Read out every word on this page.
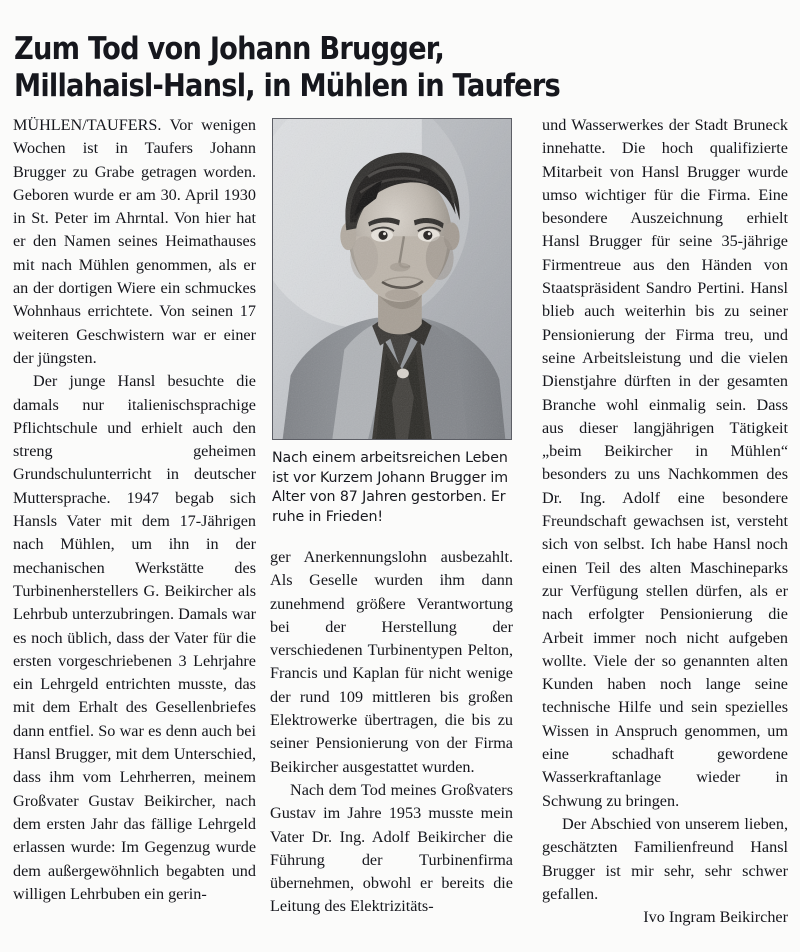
Zum Tod von Johann Brugger,
Millahaisl-Hansl, in Mühlen in Taufers
Nach einem arbeitsreichen Leben ist vor Kurzem Johann Brugger im Alter von 87 Jahren gestorben. Er ruhe in Frieden!

MÜHLEN/TAUFERS. Vor wenigen Wochen ist in Taufers Johann Brugger zu Grabe getragen worden. Geboren wurde er am 30. April 1930 in St. Peter im Ahrntal. Von hier hat er den Namen seines Heimathauses mit nach Mühlen genommen, als er an der dortigen Wiere ein schmuckes Wohnhaus errichtete. Von seinen 17 weiteren Geschwistern war er einer der jüngsten.

Der junge Hansl besuchte die damals nur italienischsprachige Pflichtschule und erhielt auch den streng geheimen Grundschulunterricht in deutscher Muttersprache. 1947 begab sich Hansls Vater mit dem 17-Jährigen nach Mühlen, um ihn in der mechanischen Werkstätte des Turbinenherstellers G. Beikircher als Lehrbub unterzubringen. Damals war es noch üblich, dass der Vater für die ersten vorgeschriebenen 3 Lehrjahre ein Lehrgeld entrichten musste, das mit dem Erhalt des Gesellenbriefes dann entfiel. So war es denn auch bei Hansl Brugger, mit dem Unterschied, dass ihm vom Lehrherren, meinem Großvater Gustav Beikircher, nach dem ersten Jahr das fällige Lehrgeld erlassen wurde: Im Gegenzug wurde dem außergewöhnlich begabten und willigen Lehrbuben ein gerin-

ger Anerkennungslohn ausbezahlt. Als Geselle wurden ihm dann zunehmend größere Verantwortung bei der Herstellung der verschiedenen Turbinentypen Pelton, Francis und Kaplan für nicht wenige der rund 109 mittleren bis großen Elektrowerke übertragen, die bis zu seiner Pensionierung von der Firma Beikircher ausgestattet wurden.

Nach dem Tod meines Großvaters Gustav im Jahre 1953 musste mein Vater Dr. Ing. Adolf Beikircher die Führung der Turbinenfirma übernehmen, obwohl er bereits die Leitung des Elektrizitäts-

und Wasserwerkes der Stadt Bruneck innehatte. Die hoch qualifizierte Mitarbeit von Hansl Brugger wurde umso wichtiger für die Firma. Eine besondere Auszeichnung erhielt Hansl Brugger für seine 35-jährige Firmentreue aus den Händen von Staatspräsident Sandro Pertini. Hansl blieb auch weiterhin bis zu seiner Pensionierung der Firma treu, und seine Arbeitsleistung und die vielen Dienstjahre dürften in der gesamten Branche wohl einmalig sein. Dass aus dieser langjährigen Tätigkeit „beim Beikircher in Mühlen“ besonders zu uns Nachkommen des Dr. Ing. Adolf eine besondere Freundschaft gewachsen ist, versteht sich von selbst. Ich habe Hansl noch einen Teil des alten Maschineparks zur Verfügung stellen dürfen, als er nach erfolgter Pensionierung die Arbeit immer noch nicht aufgeben wollte. Viele der so genannten alten Kunden haben noch lange seine technische Hilfe und sein spezielles Wissen in Anspruch genommen, um eine schadhaft gewordene Wasserkraftanlage wieder in Schwung zu bringen.

Der Abschied von unserem lieben, geschätzten Familienfreund Hansl Brugger ist mir sehr, sehr schwer gefallen.

Ivo Ingram Beikircher
